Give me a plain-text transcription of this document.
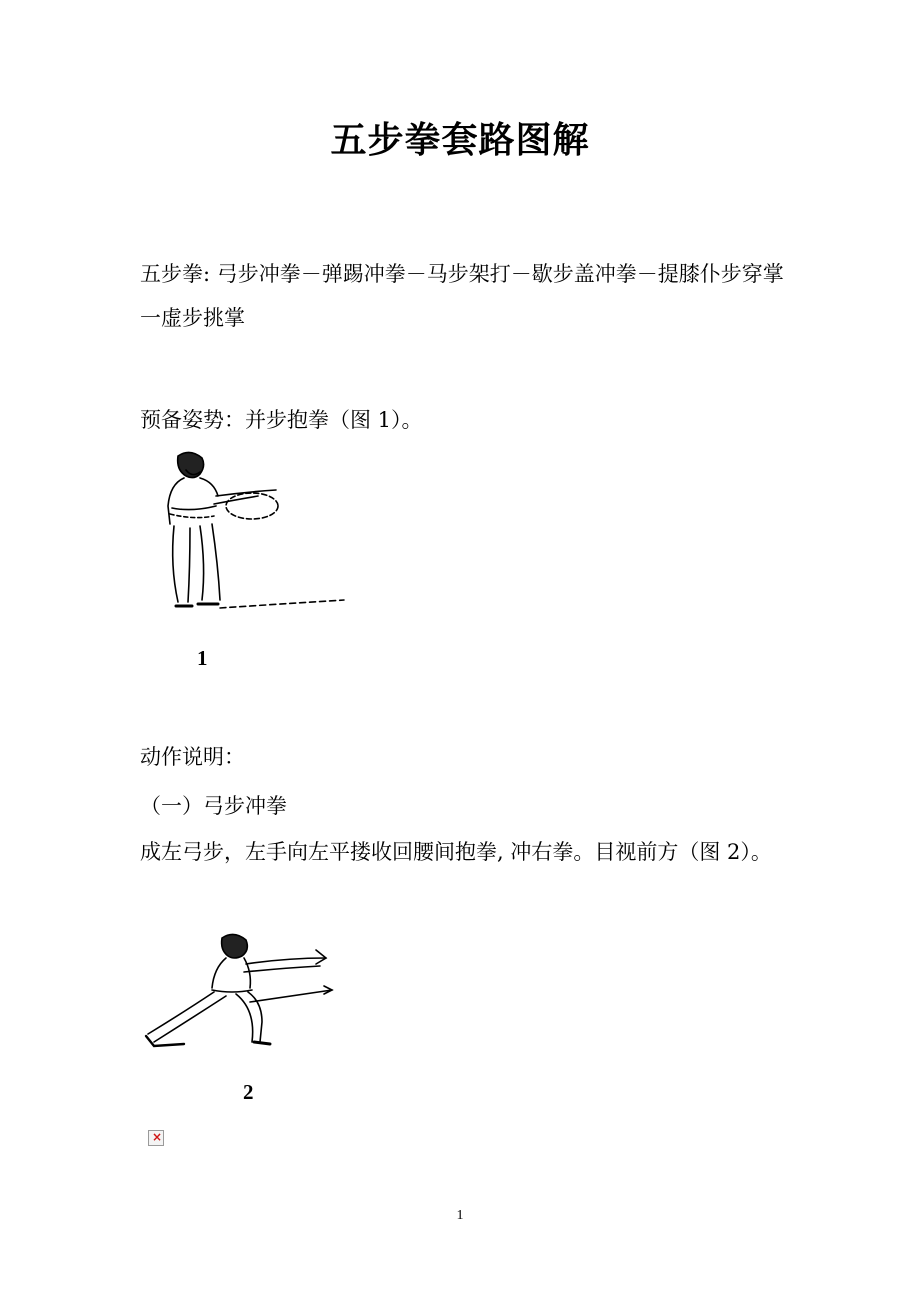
五步拳套路图解

五步拳: 弓步冲拳－弹踢冲拳－马步架打－歇步盖冲拳－提膝仆步穿掌一虚步挑掌

预备姿势：并步抱拳（图 1）。

1

动作说明：

（一）弓步冲拳

成左弓步，左手向左平搂收回腰间抱拳, 冲右拳。目视前方（图 2）。

2
×
1
